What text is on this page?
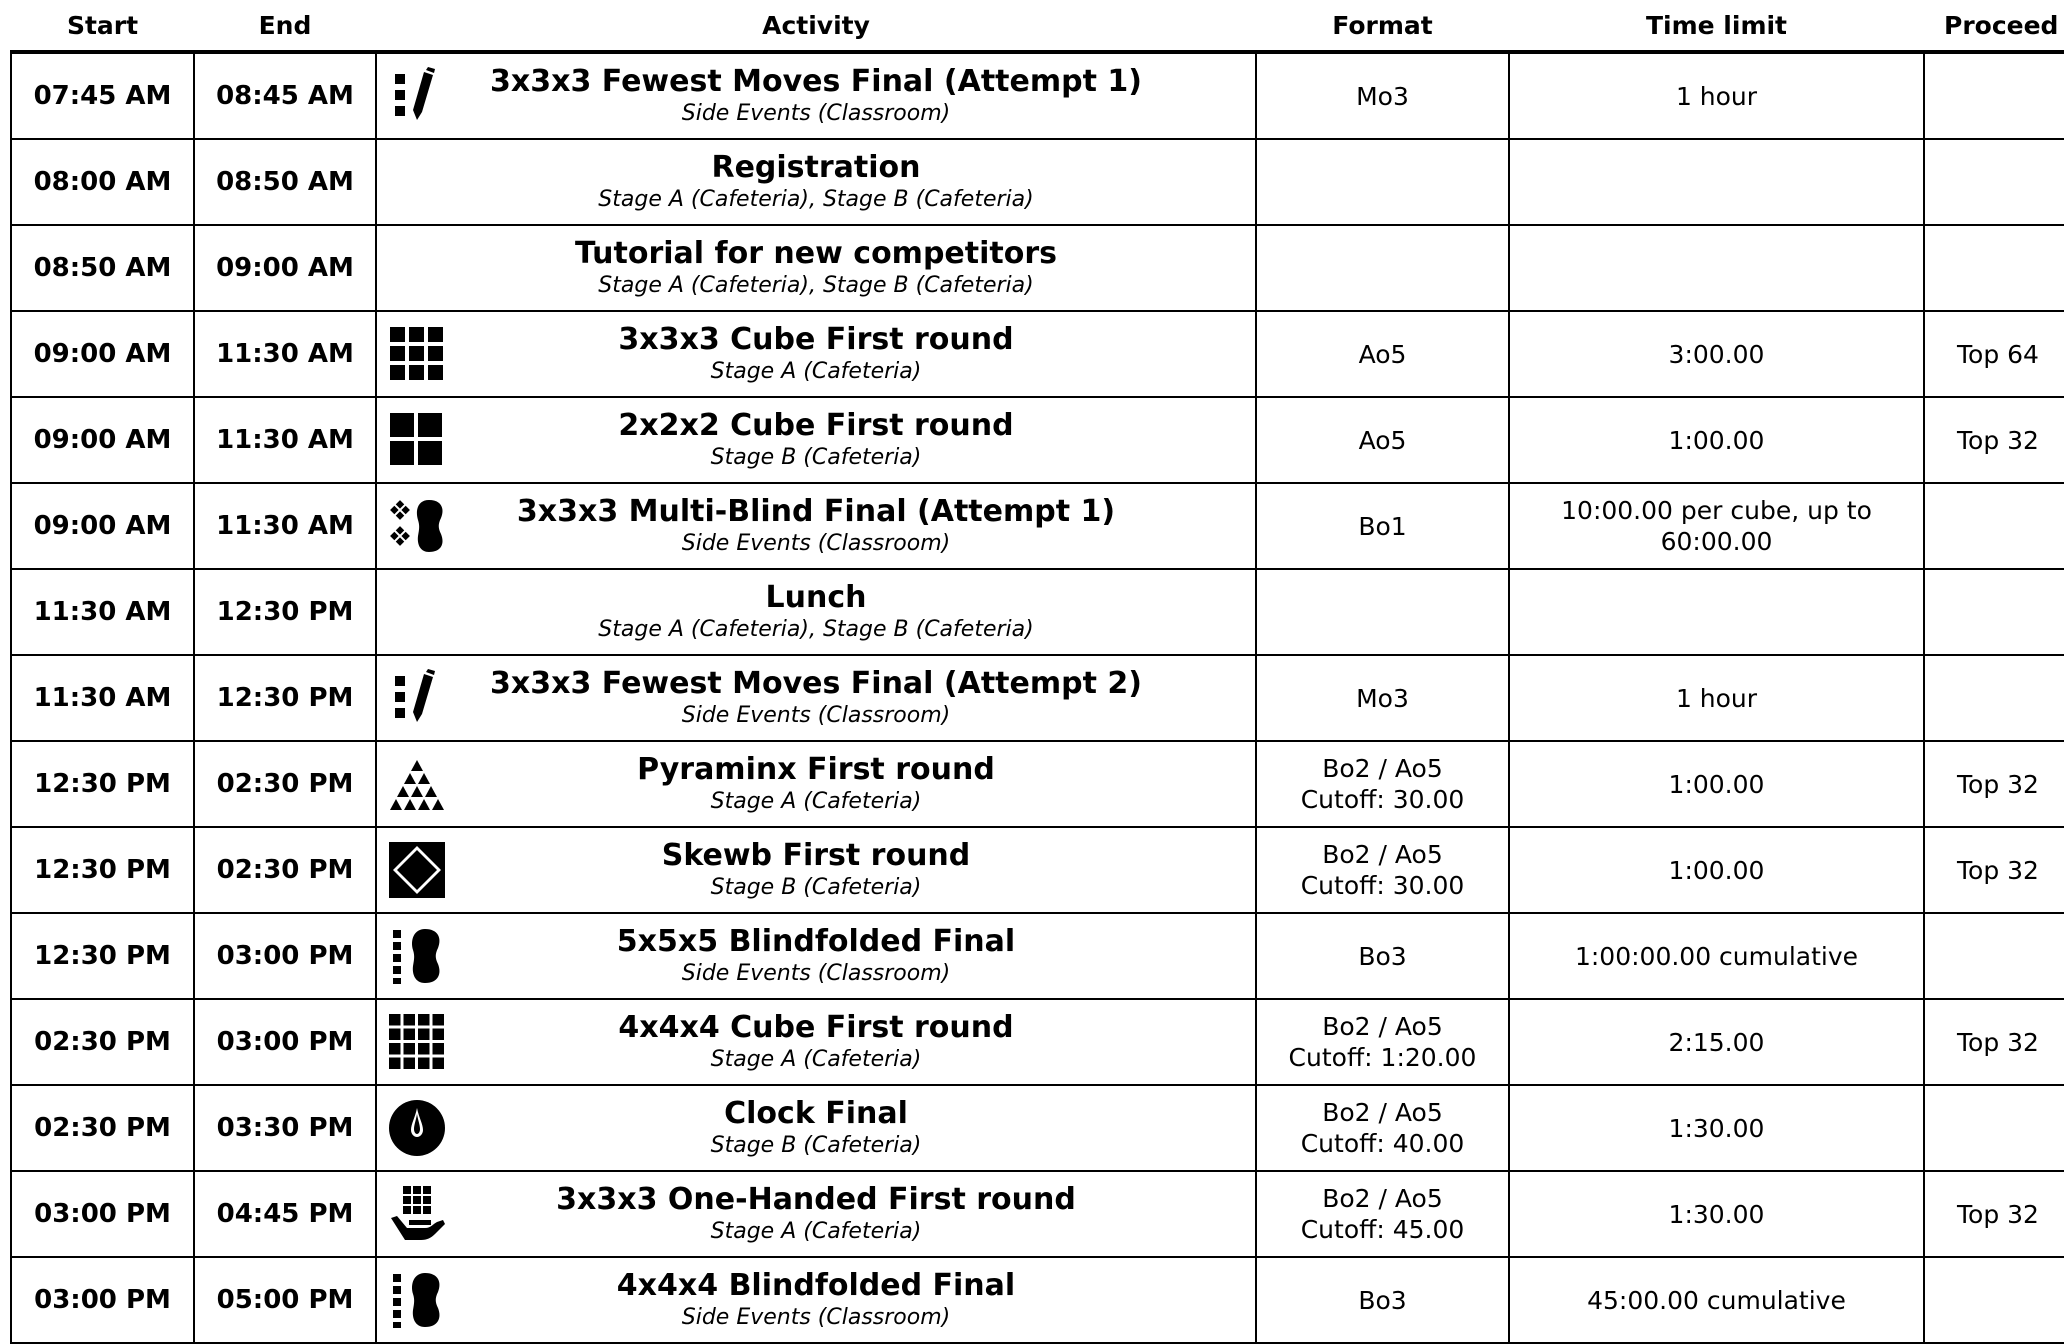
Start	End	Activity	Format	Time limit	Proceed
07:45 AM	08:45 AM	3x3x3 Fewest Moves Final (Attempt 1)
Side Events (Classroom)	Mo3	1 hour	

08:00 AM	08:50 AM	Registration
Stage A (Cafeteria), Stage B (Cafeteria)			

08:50 AM	09:00 AM	Tutorial for new competitors
Stage A (Cafeteria), Stage B (Cafeteria)			

09:00 AM	11:30 AM	3x3x3 Cube First round
Stage A (Cafeteria)	Ao5	3:00.00	Top 64
09:00 AM	11:30 AM	2x2x2 Cube First round
Stage B (Cafeteria)	Ao5	1:00.00	Top 32
09:00 AM	11:30 AM	3x3x3 Multi-Blind Final (Attempt 1)
Side Events (Classroom)	Bo1	10:00.00 per cube, up to
60:00.00	

11:30 AM	12:30 PM	Lunch
Stage A (Cafeteria), Stage B (Cafeteria)			

11:30 AM	12:30 PM	3x3x3 Fewest Moves Final (Attempt 2)
Side Events (Classroom)	Mo3	1 hour	

12:30 PM	02:30 PM	Pyraminx First round
Stage A (Cafeteria)	Bo2 / Ao5
Cutoff: 30.00	1:00.00	Top 32
12:30 PM	02:30 PM	Skewb First round
Stage B (Cafeteria)	Bo2 / Ao5
Cutoff: 30.00	1:00.00	Top 32
12:30 PM	03:00 PM	5x5x5 Blindfolded Final
Side Events (Classroom)	Bo3	1:00:00.00 cumulative	

02:30 PM	03:00 PM	4x4x4 Cube First round
Stage A (Cafeteria)	Bo2 / Ao5
Cutoff: 1:20.00	2:15.00	Top 32
02:30 PM	03:30 PM	Clock Final
Stage B (Cafeteria)	Bo2 / Ao5
Cutoff: 40.00	1:30.00	

03:00 PM	04:45 PM	3x3x3 One-Handed First round
Stage A (Cafeteria)	Bo2 / Ao5
Cutoff: 45.00	1:30.00	Top 32
03:00 PM	05:00 PM	4x4x4 Blindfolded Final
Side Events (Classroom)	Bo3	45:00.00 cumulative	
